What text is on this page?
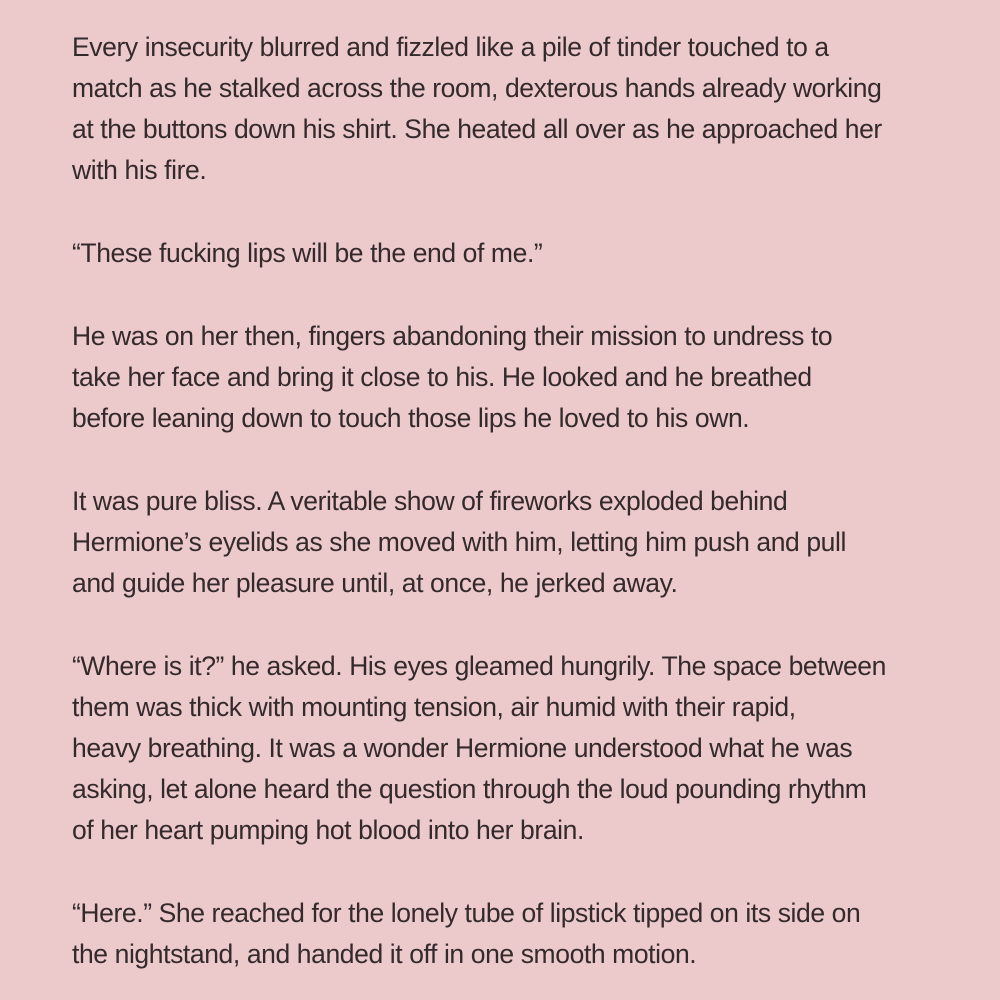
Every insecurity blurred and fizzled like a pile of tinder touched to a
match as he stalked across the room, dexterous hands already working
at the buttons down his shirt. She heated all over as he approached her
with his fire.
“These fucking lips will be the end of me.”
He was on her then, fingers abandoning their mission to undress to
take her face and bring it close to his. He looked and he breathed
before leaning down to touch those lips he loved to his own.
It was pure bliss. A veritable show of fireworks exploded behind
Hermione’s eyelids as she moved with him, letting him push and pull
and guide her pleasure until, at once, he jerked away.
“Where is it?” he asked. His eyes gleamed hungrily. The space between
them was thick with mounting tension, air humid with their rapid,
heavy breathing. It was a wonder Hermione understood what he was
asking, let alone heard the question through the loud pounding rhythm
of her heart pumping hot blood into her brain.
“Here.” She reached for the lonely tube of lipstick tipped on its side on
the nightstand, and handed it off in one smooth motion.
